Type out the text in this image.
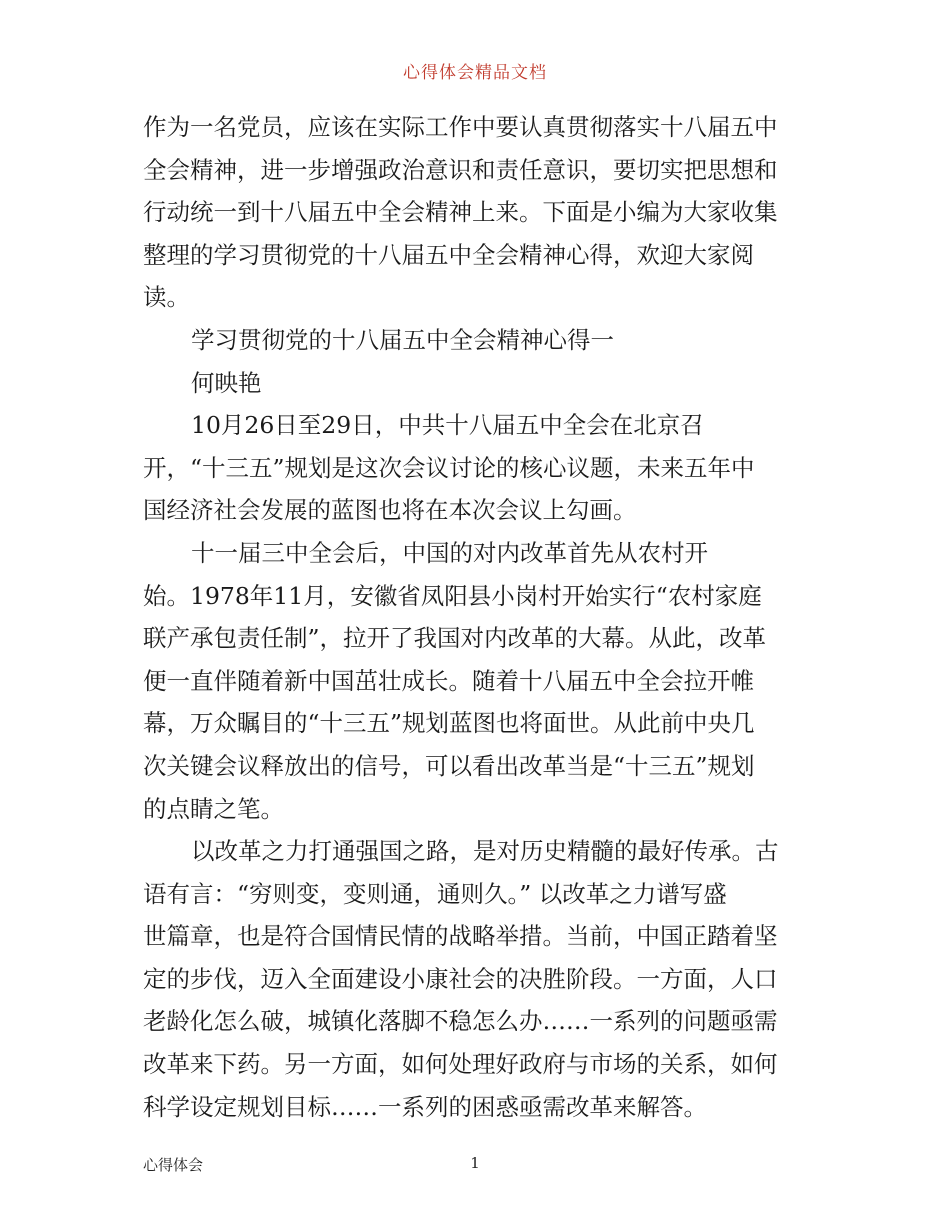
心得体会精品文档
作为一名党员，应该在实际工作中要认真贯彻落实十八届五中
全会精神，进一步增强政治意识和责任意识，要切实把思想和
行动统一到十八届五中全会精神上来。下面是小编为大家收集
整理的学习贯彻党的十八届五中全会精神心得，欢迎大家阅
读。
学习贯彻党的十八届五中全会精神心得一
何映艳
10月26日至29日，中共十八届五中全会在北京召
开，“十三五”规划是这次会议讨论的核心议题，未来五年中
国经济社会发展的蓝图也将在本次会议上勾画。
十一届三中全会后，中国的对内改革首先从农村开
始。1978年11月，安徽省凤阳县小岗村开始实行“农村家庭
联产承包责任制”，拉开了我国对内改革的大幕。从此，改革
便一直伴随着新中国茁壮成长。随着十八届五中全会拉开帷
幕，万众瞩目的“十三五”规划蓝图也将面世。从此前中央几
次关键会议释放出的信号，可以看出改革当是“十三五”规划
的点睛之笔。
以改革之力打通强国之路，是对历史精髓的最好传承。古
语有言：“穷则变，变则通，通则久。” 以改革之力谱写盛
世篇章，也是符合国情民情的战略举措。当前，中国正踏着坚
定的步伐，迈入全面建设小康社会的决胜阶段。一方面，人口
老龄化怎么破，城镇化落脚不稳怎么办……一系列的问题亟需
改革来下药。另一方面，如何处理好政府与市场的关系，如何
科学设定规划目标……一系列的困惑亟需改革来解答。
心得体会	1
